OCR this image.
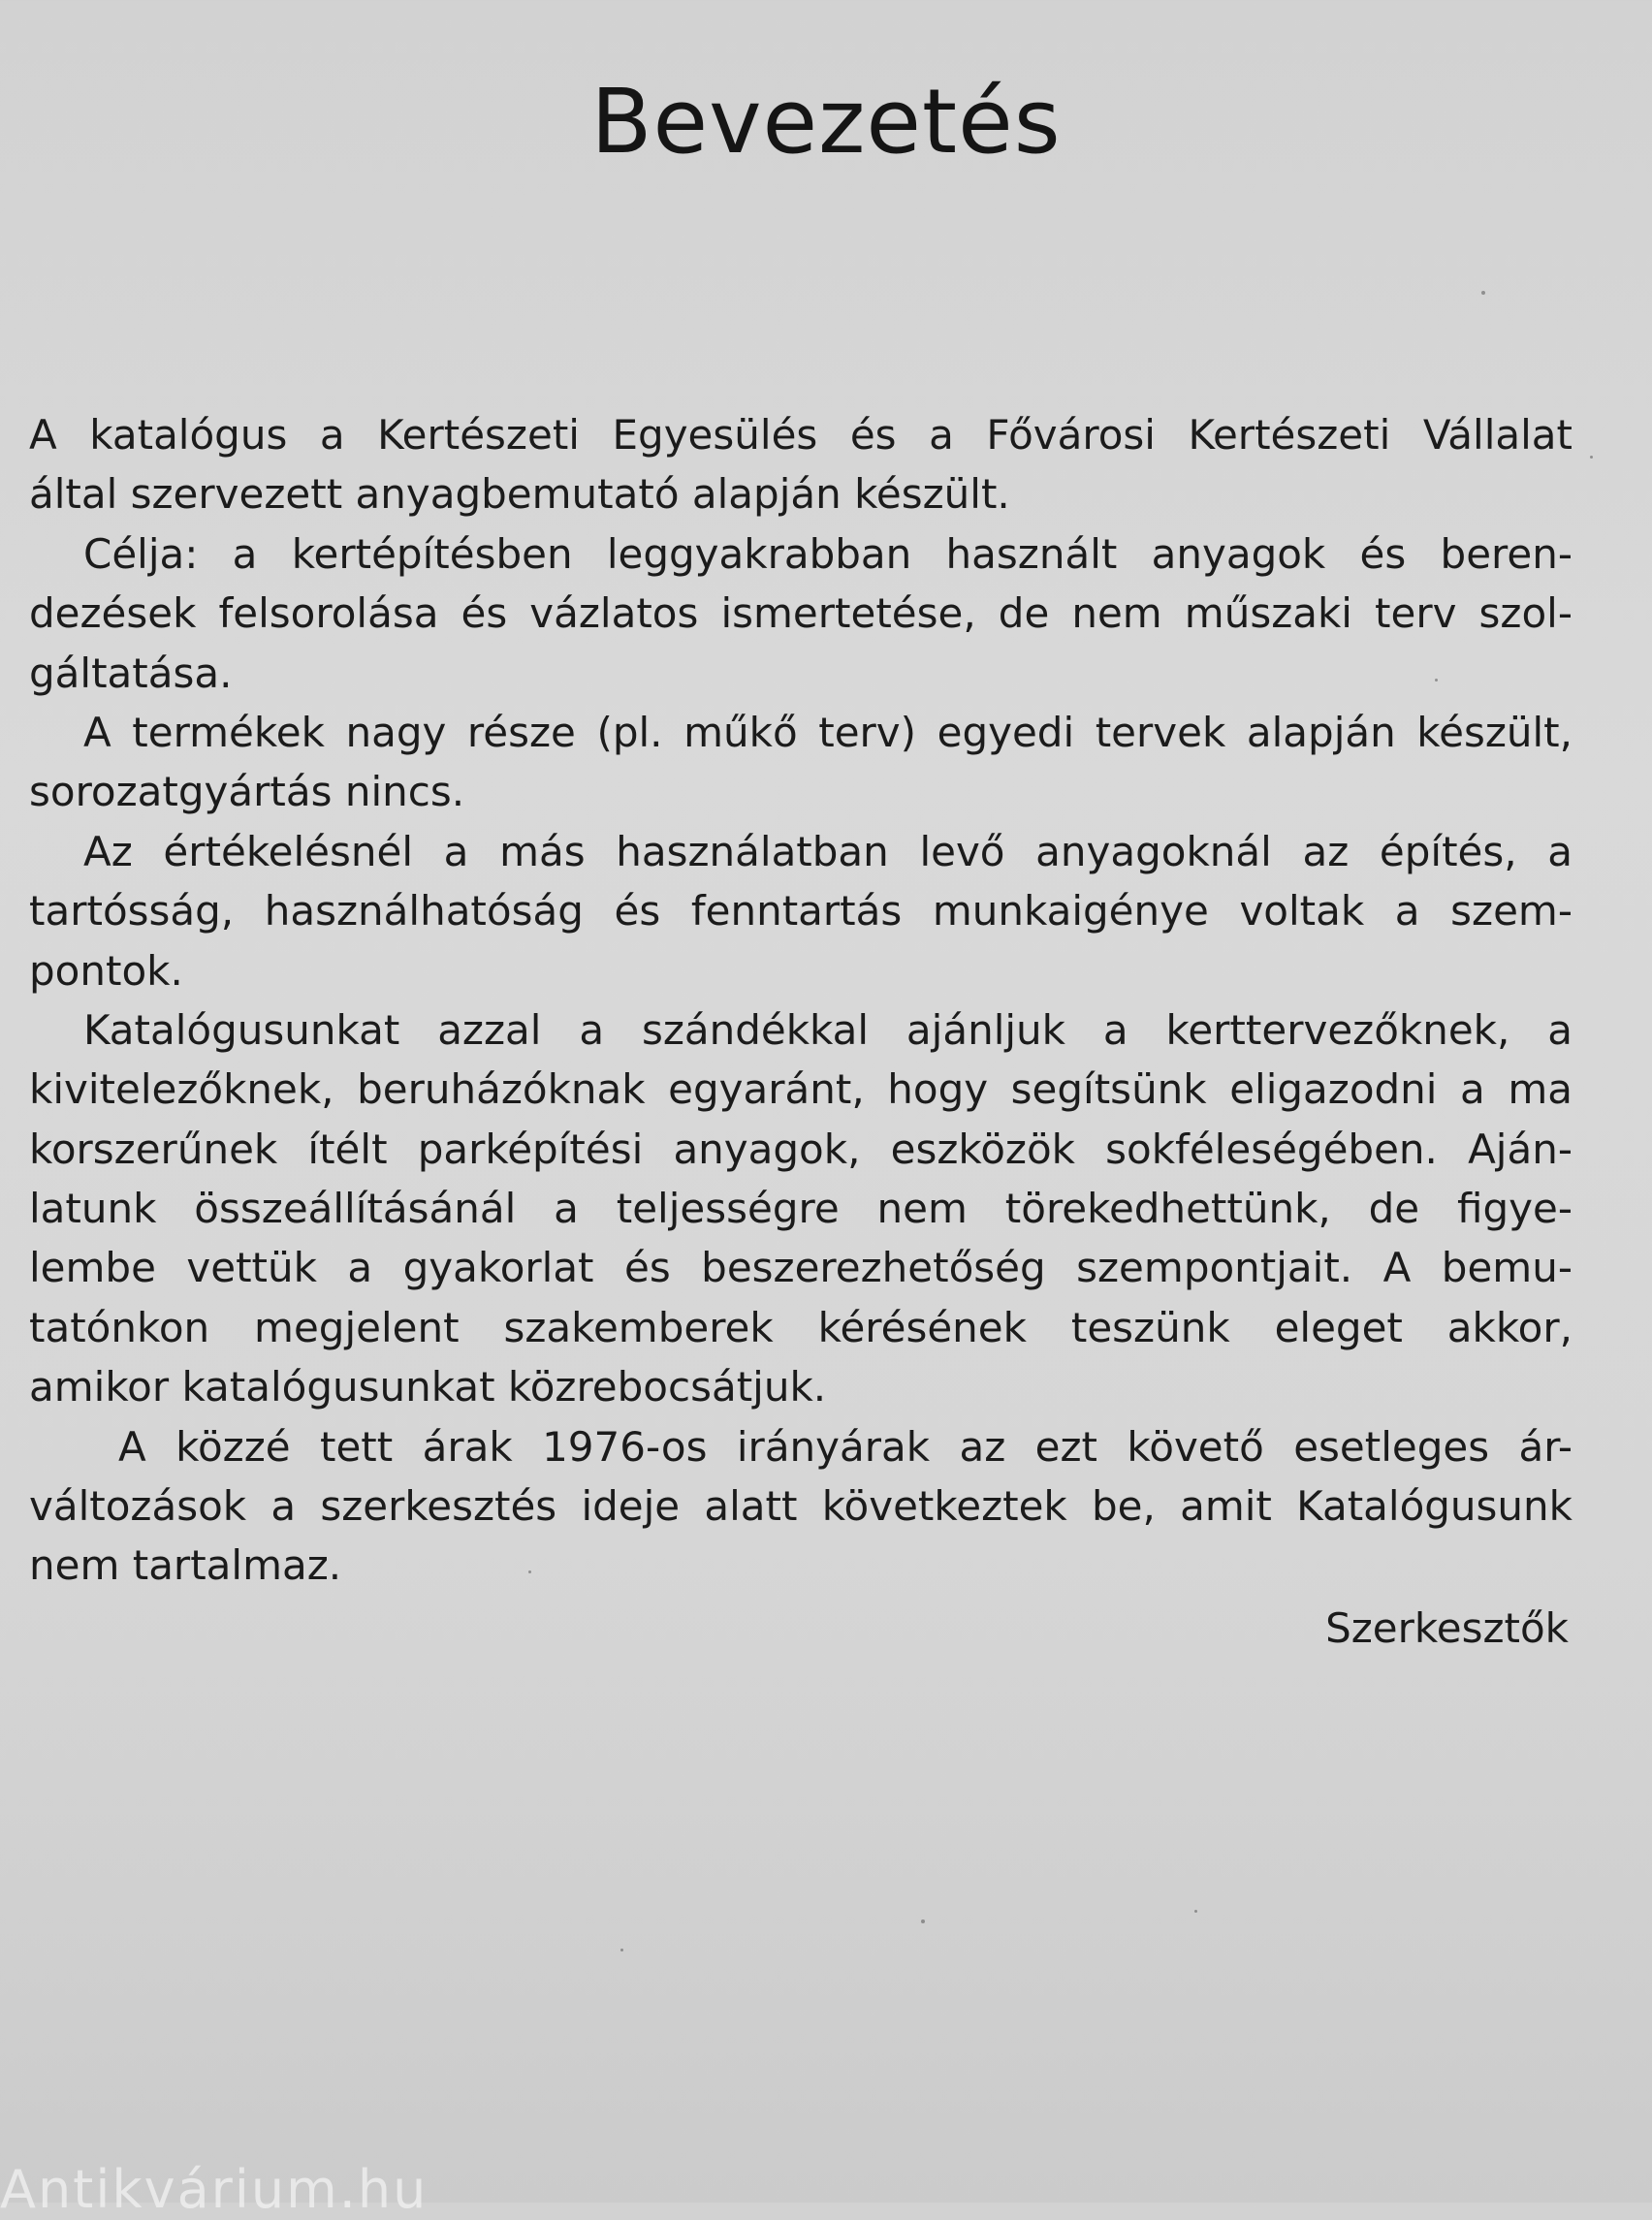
Bevezetés
A katalógus a Kertészeti Egyesülés és a Fővárosi Kertészeti Vállalat
által szervezett anyagbemutató alapján készült.
Célja: a kertépítésben leggyakrabban használt anyagok és beren-
dezések felsorolása és vázlatos ismertetése, de nem műszaki terv szol-
gáltatása.
A termékek nagy része (pl. műkő terv) egyedi tervek alapján készült,
sorozatgyártás nincs.
Az értékelésnél a más használatban levő anyagoknál az építés, a
tartósság, használhatóság és fenntartás munkaigénye voltak a szem-
pontok.
Katalógusunkat azzal a szándékkal ajánljuk a kerttervezőknek, a
kivitelezőknek, beruházóknak egyaránt, hogy segítsünk eligazodni a ma
korszerűnek ítélt parképítési anyagok, eszközök sokféleségében. Aján-
latunk összeállításánál a teljességre nem törekedhettünk, de figye-
lembe vettük a gyakorlat és beszerezhetőség szempontjait. A bemu-
tatónkon megjelent szakemberek kérésének teszünk eleget akkor,
amikor katalógusunkat közrebocsátjuk.
A közzé tett árak 1976-os irányárak az ezt követő esetleges ár-
változások a szerkesztés ideje alatt következtek be, amit Katalógusunk
nem tartalmaz.
Szerkesztők
Antikvárium.hu
